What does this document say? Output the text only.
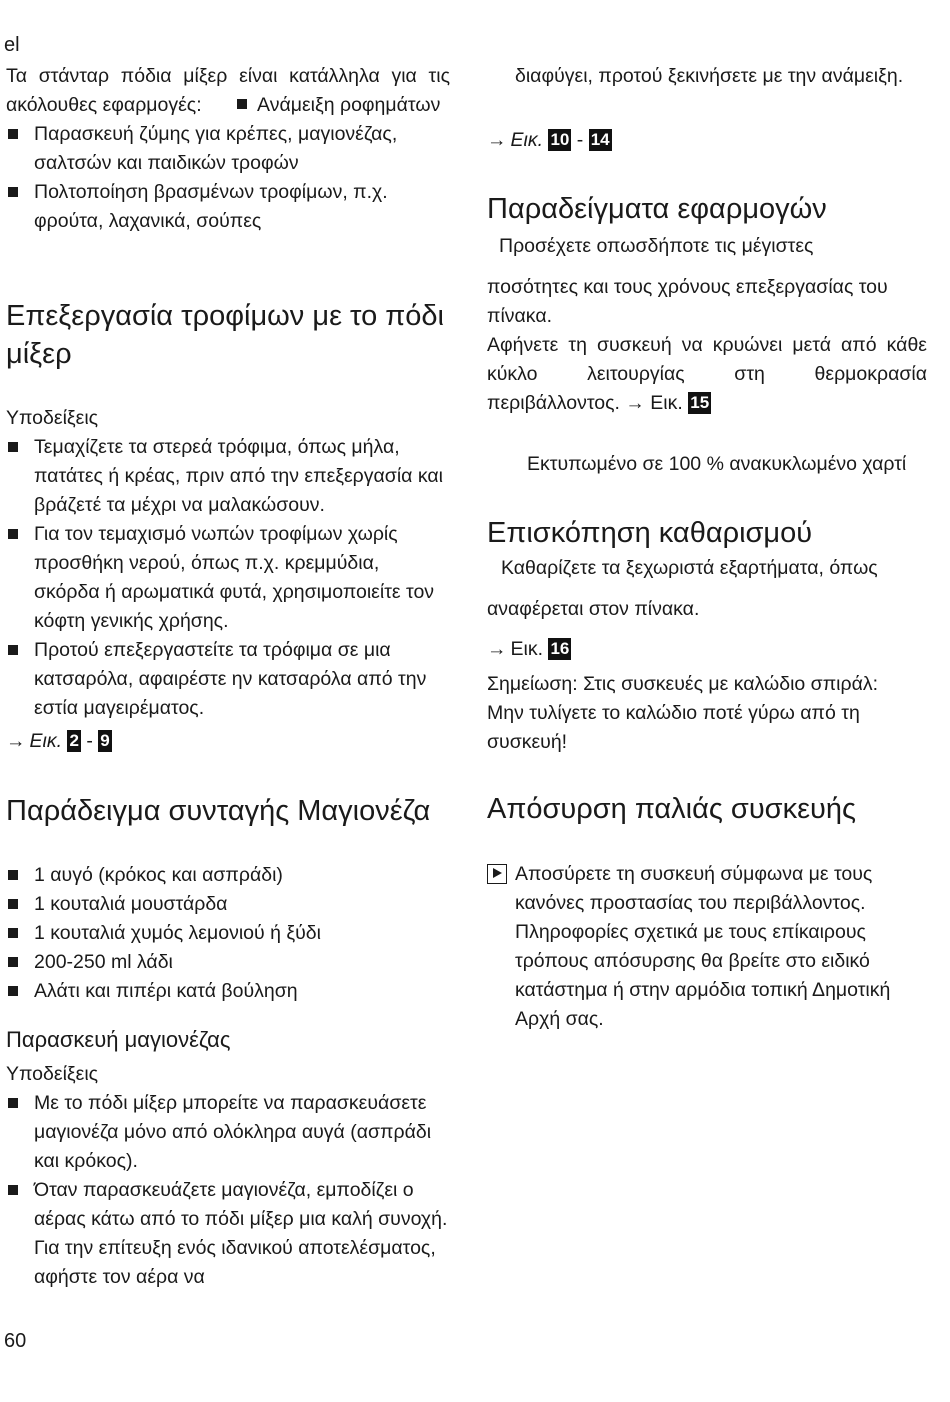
el

Τα στάνταρ πόδια μίξερ είναι κατάλληλα για τις ακόλουθες εφαρμογές:	Ανάμειξη ροφημάτων

Παρασκευή ζύμης για κρέπες, μαγιονέζας, σαλτσών και παιδικών τροφών
Πολτοποίηση βρασμένων τροφίμων, π.χ. φρούτα, λαχανικά, σούπες
Επεξεργασία τροφίμων με το πόδι
μίξερ

Υποδείξεις

Τεμαχίζετε τα στερεά τρόφιμα, όπως μήλα, πατάτες ή κρέας, πριν από την επεξεργασία και βράζετέ τα μέχρι να μαλακώσουν.
Για τον τεμαχισμό νωπών τροφίμων χωρίς προσθήκη νερού, όπως π.χ. κρεμμύδια, σκόρδα ή αρωματικά φυτά, χρησιμοποιείτε τον κόφτη γενικής χρήσης.
Προτού επεξεργαστείτε τα τρόφιμα σε μια κατσαρόλα, αφαιρέστε ην κατσαρόλα από την εστία μαγειρέματος.
→ Εικ. 2 - 9
Παράδειγμα συνταγής Μαγιονέζα
1 αυγό (κρόκος και ασπράδι)
1 κουταλιά μουστάρδα
1 κουταλιά χυμός λεμονιού ή ξύδι
200-250 ml λάδι
Αλάτι και πιπέρι κατά βούληση
Παρασκευή μαγιονέζας

Υποδείξεις

Με το πόδι μίξερ μπορείτε να παρασκευάσετε μαγιονέζα μόνο από ολόκληρα αυγά (ασπράδι και κρόκος).
Όταν παρασκευάζετε μαγιονέζα, εμποδίζει ο αέρας κάτω από το πόδι μίξερ μια καλή συνοχή. Για την επίτευξη ενός ιδανικού αποτελέσματος, αφήστε τον αέρα να

διαφύγει, προτού ξεκινήσετε με την ανάμειξη.

→ Εικ. 10 - 14
Παραδείγματα εφαρμογών

Προσέχετε οπωσδήποτε τις μέγιστες

ποσότητες και τους χρόνους επεξεργασίας του πίνακα.

Αφήνετε τη συσκευή να κρυώνει μετά από κάθε κύκλο λειτουργίας στη θερμοκρασία περιβάλλοντος. → Εικ. 15

Εκτυπωμένο σε 100 % ανακυκλωμένο χαρτί

Επισκόπηση καθαρισμού

Καθαρίζετε τα ξεχωριστά εξαρτήματα, όπως

αναφέρεται στον πίνακα.

→ Εικ. 16

Σημείωση: Στις συσκευές με καλώδιο σπιράλ: Μην τυλίγετε το καλώδιο ποτέ γύρω από τη συσκευή!

Απόσυρση παλιάς συσκευής
Αποσύρετε τη συσκευή σύμφωνα με τους κανόνες προστασίας του περιβάλλοντος. Πληροφορίες σχετικά με τους επίκαιρους τρόπους απόσυρσης θα βρείτε στο ειδικό κατάστημα ή στην αρμόδια τοπική Δημοτική Αρχή σας.
60
